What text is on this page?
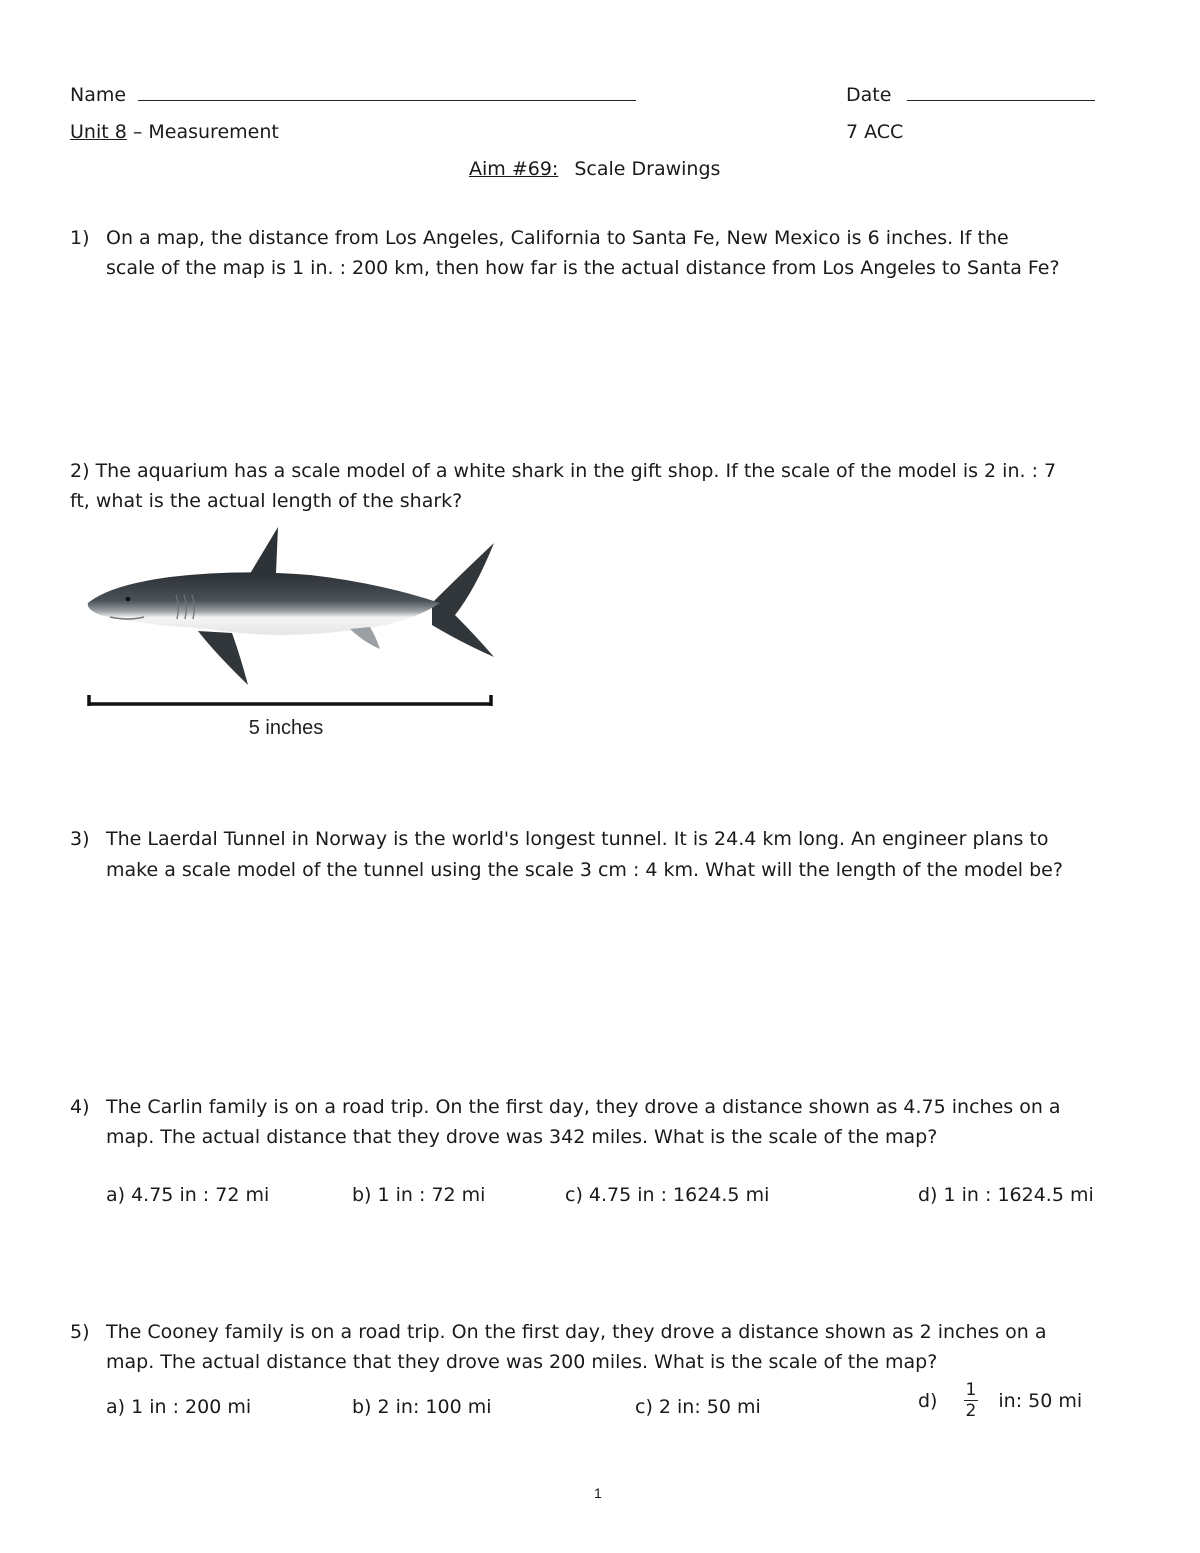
Name	Date
Unit 8 – Measurement	7 ACC
Aim #69: Scale Drawings
1) On a map, the distance from Los Angeles, California to Santa Fe, New Mexico is 6 inches. If the
scale of the map is 1 in. : 200 km, then how far is the actual distance from Los Angeles to Santa Fe?
2) The aquarium has a scale model of a white shark in the gift shop. If the scale of the model is 2 in. : 7
ft, what is the actual length of the shark?
5 inches
3) The Laerdal Tunnel in Norway is the world's longest tunnel. It is 24.4 km long. An engineer plans to
make a scale model of the tunnel using the scale 3 cm : 4 km. What will the length of the model be?
4) The Carlin family is on a road trip. On the first day, they drove a distance shown as 4.75 inches on a
map. The actual distance that they drove was 342 miles. What is the scale of the map?
a) 4.75 in : 72 mi	b) 1 in : 72 mi	c) 4.75 in : 1624.5 mi	d) 1 in : 1624.5 mi
5) The Cooney family is on a road trip. On the first day, they drove a distance shown as 2 inches on a
map. The actual distance that they drove was 200 miles. What is the scale of the map?
a) 1 in : 200 mi	b) 2 in: 100 mi	c) 2 in: 50 mi	$d) \frac{1}{2}$ in: 50 mi
1
